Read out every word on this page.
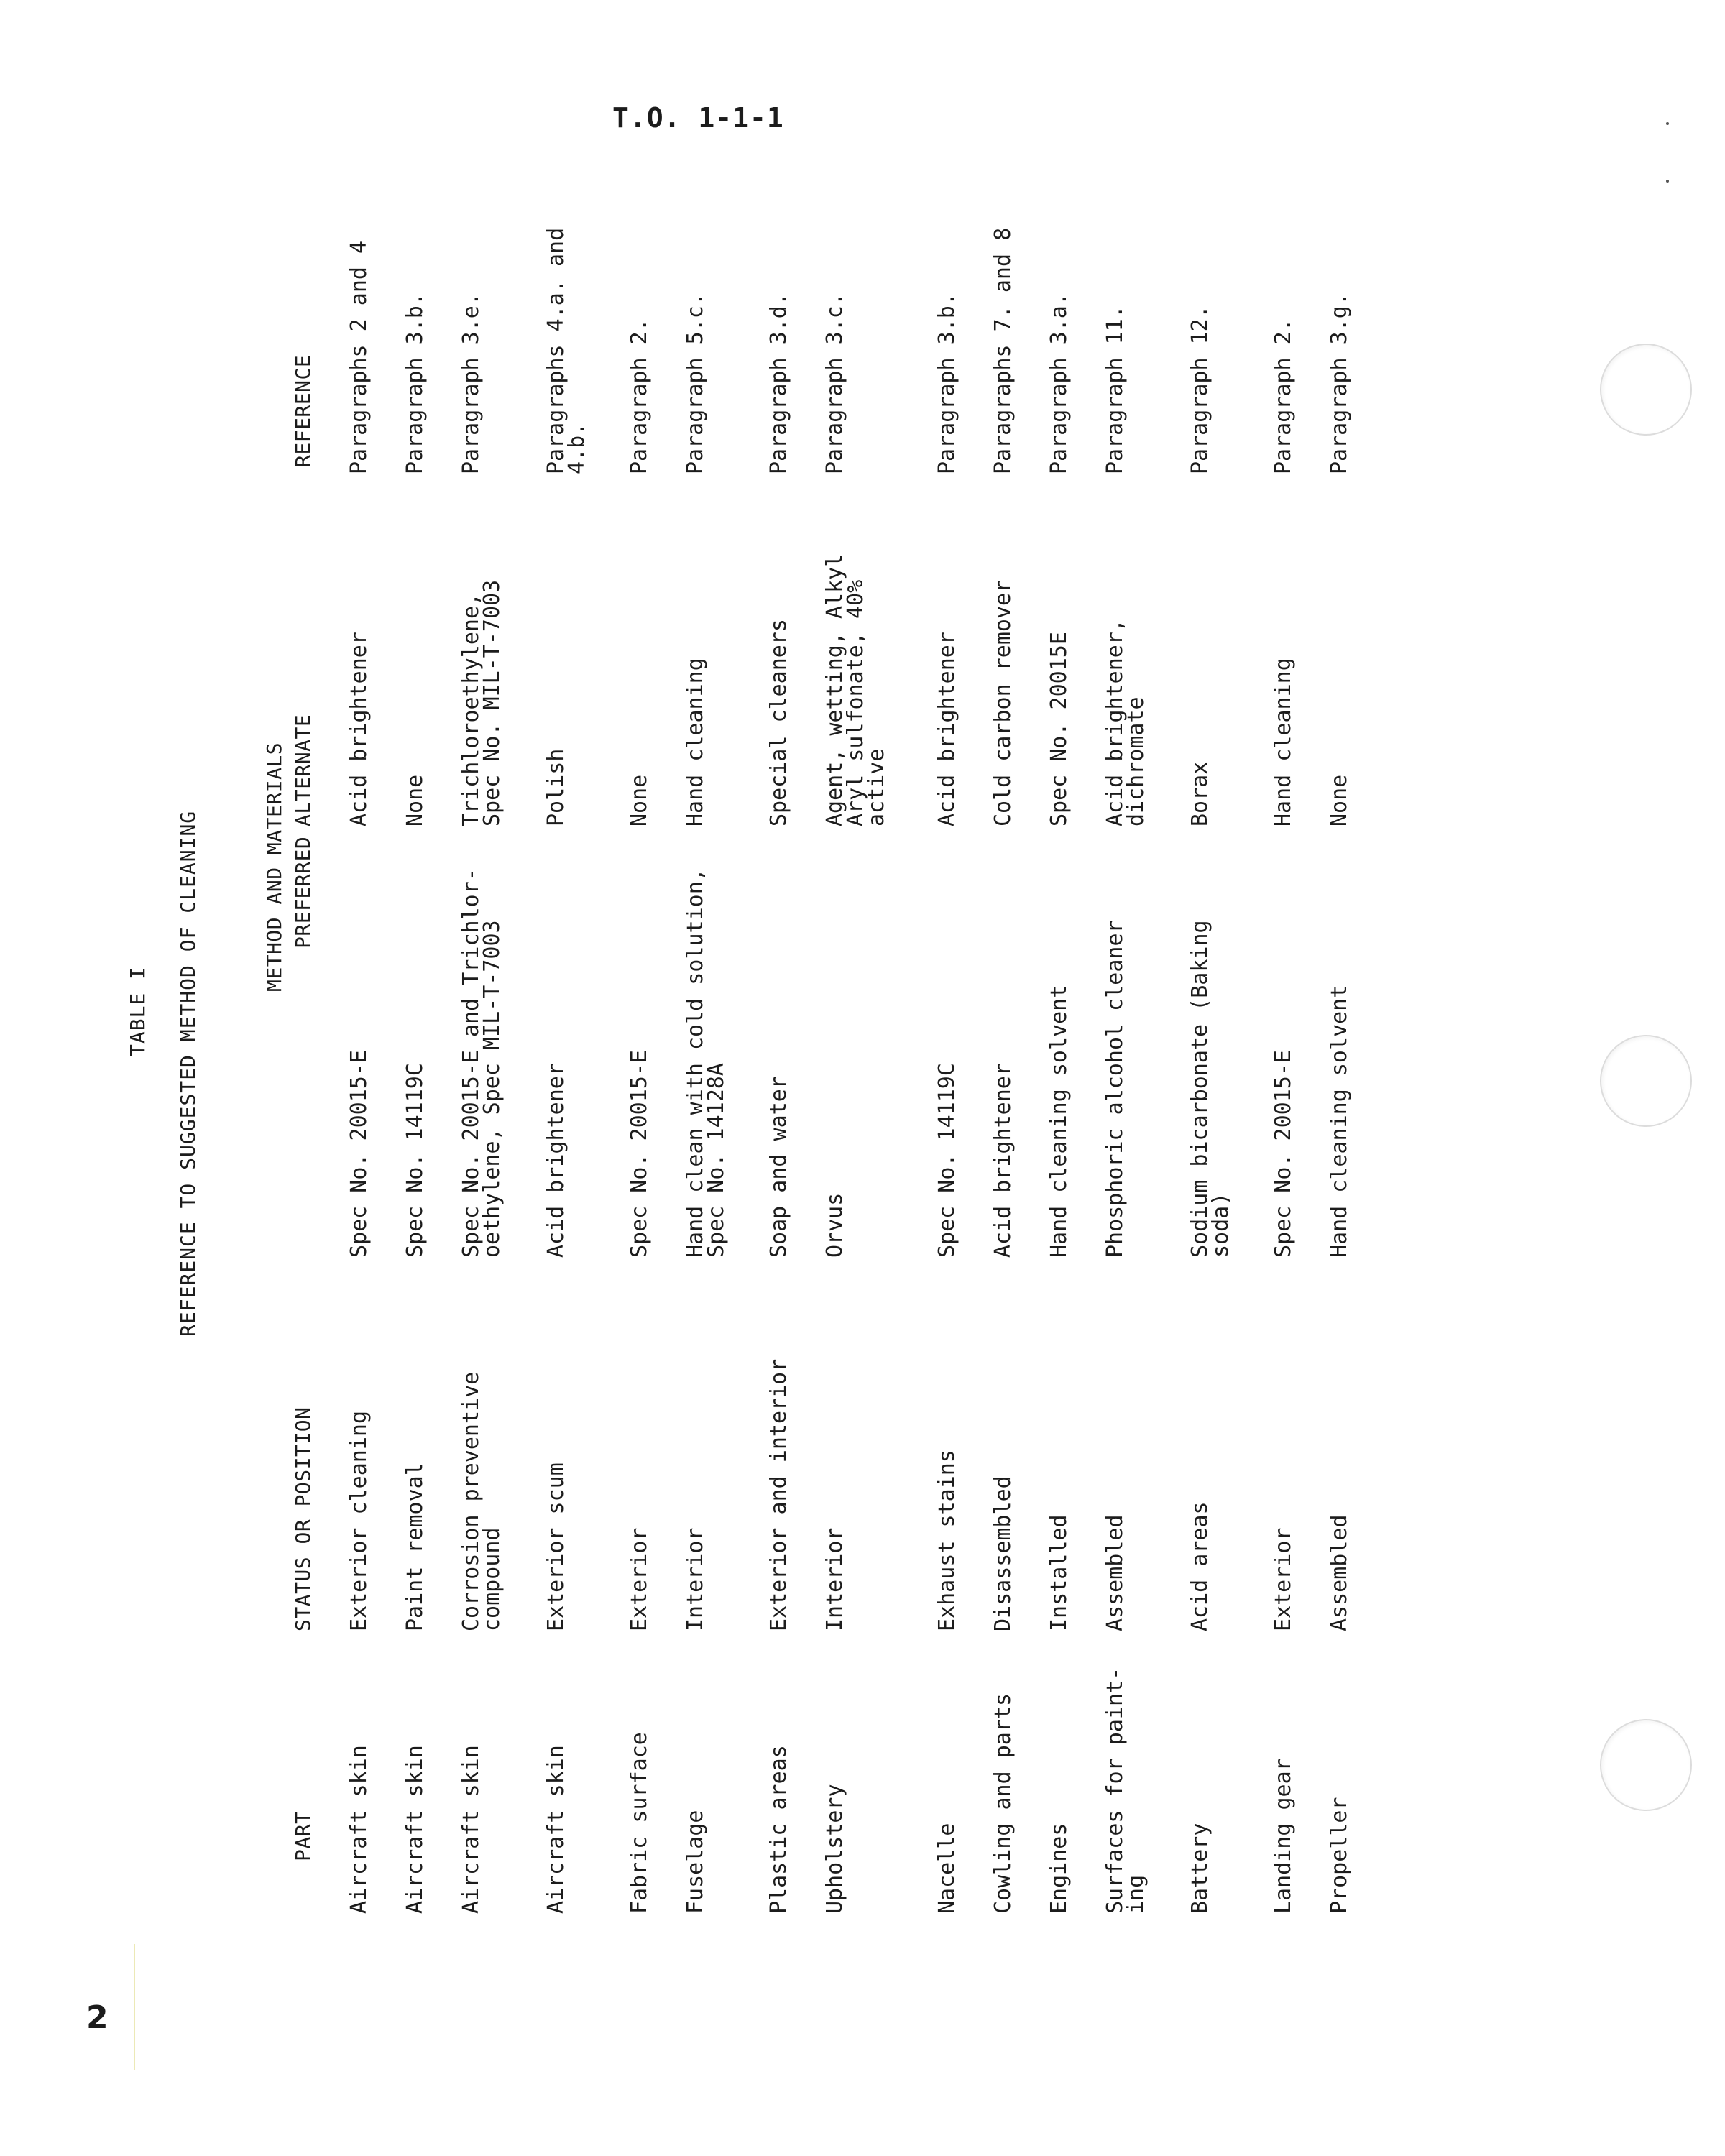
T.O. 1-1-1
2
TABLE I REFERENCE TO SUGGESTED METHOD OF CLEANING	METHOD AND MATERIALS
PART
STATUS OR POSITION
PREFERRED
ALTERNATE
REFERENCE
Aircraft skin
Exterior cleaning
Spec No. 20015-E
Acid brightener
Paragraphs 2 and 4
Aircraft skin
Paint removal
Spec No. 14119C
None
Paragraph 3.b.
Aircraft skin
Corrosion preventive
compound
Spec No. 20015-E and Trichlor-
oethylene, Spec MIL-T-7003
Trichloroethylene,
Spec No. MIL-T-7003
Paragraph 3.e.
Aircraft skin
Exterior scum
Acid brightener
Polish
Paragraphs 4.a. and
4.b.
Fabric surface
Exterior
Spec No. 20015-E
None
Paragraph 2.
Fuselage
Interior
Hand clean with cold solution,
Spec No. 14128A
Hand cleaning
Paragraph 5.c.
Plastic areas
Exterior and interior
Soap and water
Special cleaners
Paragraph 3.d.
Upholstery
Interior
Orvus
Agent, wetting, Alkyl
Aryl sulfonate, 40%
active
Paragraph 3.c.
Nacelle
Exhaust stains
Spec No. 14119C
Acid brightener
Paragraph 3.b.
Cowling and parts
Disassembled
Acid brightener
Cold carbon remover
Paragraphs 7. and 8
Engines
Installed
Hand cleaning solvent
Spec No. 20015E
Paragraph 3.a.
Surfaces for paint-
ing
Assembled
Phosphoric alcohol cleaner
Acid brightener,
dichromate
Paragraph 11.
Battery
Acid areas
Sodium bicarbonate (Baking
soda)
Borax
Paragraph 12.
Landing gear
Exterior
Spec No. 20015-E
Hand cleaning
Paragraph 2.
Propeller
Assembled
Hand cleaning solvent
None
Paragraph 3.g.
